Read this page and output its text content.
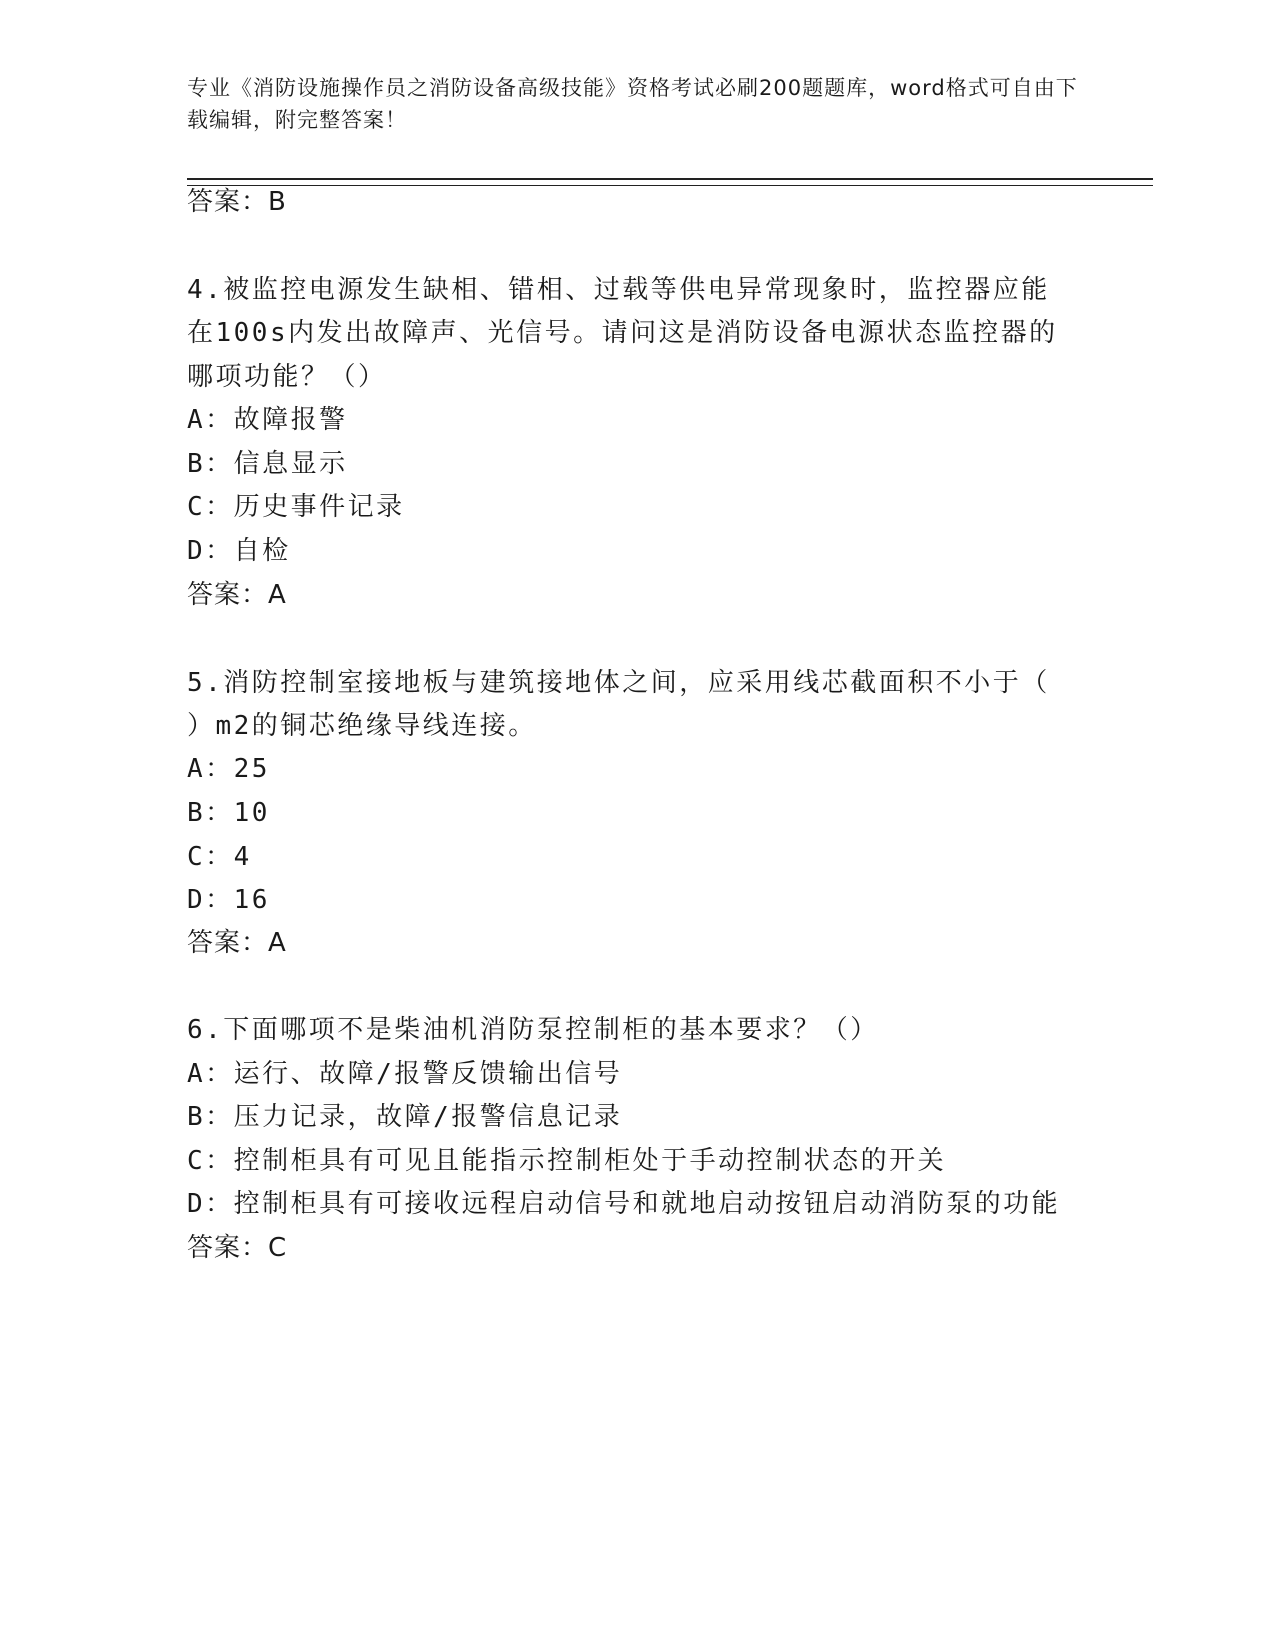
专业《消防设施操作员之消防设备高级技能》资格考试必刷200题题库，word格式可自由下载编辑，附完整答案！
答案：B
4.被监控电源发生缺相、错相、过载等供电异常现象时，监控器应能
在100s内发出故障声、光信号。请问这是消防设备电源状态监控器的
哪项功能？（）
A：故障报警
B：信息显示
C：历史事件记录
D：自检
答案：A
5.消防控制室接地板与建筑接地体之间，应采用线芯截面积不小于（
）m2的铜芯绝缘导线连接。
A：25
B：10
C：4
D：16
答案：A
6.下面哪项不是柴油机消防泵控制柜的基本要求？（）
A：运行、故障/报警反馈输出信号
B：压力记录，故障/报警信息记录
C：控制柜具有可见且能指示控制柜处于手动控制状态的开关
D：控制柜具有可接收远程启动信号和就地启动按钮启动消防泵的功能
答案：C
